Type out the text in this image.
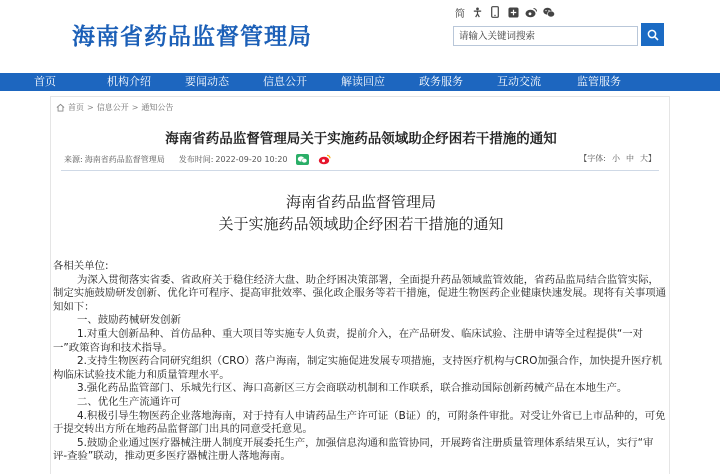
海南省药品监督管理局
简
请输入关键词搜索
首页	机构介绍	要闻动态	信息公开	解读回应	政务服务	互动交流	监管服务
首页 > 信息公开 > 通知公告
海南省药品监督管理局关于实施药品领域助企纾困若干措施的通知
来源: 海南省药品监督管理局 发布时间: 2022-09-20 10:20	【字体: 小 中 大】
海南省药品监督管理局
关于实施药品领域助企纾困若干措施的通知

各相关单位:

为深入贯彻落实省委、省政府关于稳住经济大盘、助企纾困决策部署，全面提升药品领域监管效能，省药品监局结合监管实际，制定实施鼓励研发创新、优化许可程序、提高审批效率、强化政企服务等若干措施，促进生物医药企业健康快速发展。现将有关事项通知如下：

一、鼓励药械研发创新

1.对重大创新品种、首仿品种、重大项目等实施专人负责，提前介入，在产品研发、临床试验、注册申请等全过程提供“一对一”政策咨询和技术指导。

2.支持生物医药合同研究组织（CRO）落户海南，制定实施促进发展专项措施，支持医疗机构与CRO加强合作，加快提升医疗机构临床试验技术能力和质量管理水平。

3.强化药品监管部门、乐城先行区、海口高新区三方会商联动机制和工作联系，联合推动国际创新药械产品在本地生产。

二、优化生产流通许可

4.积极引导生物医药企业落地海南，对于持有人申请药品生产许可证（B证）的，可附条件审批。对受让外省已上市品种的，可免于提交转出方所在地药品监督部门出具的同意受托意见。

5.鼓励企业通过医疗器械注册人制度开展委托生产，加强信息沟通和监管协同，开展跨省注册质量管理体系结果互认，实行“审评-查验”联动，推动更多医疗器械注册人落地海南。
